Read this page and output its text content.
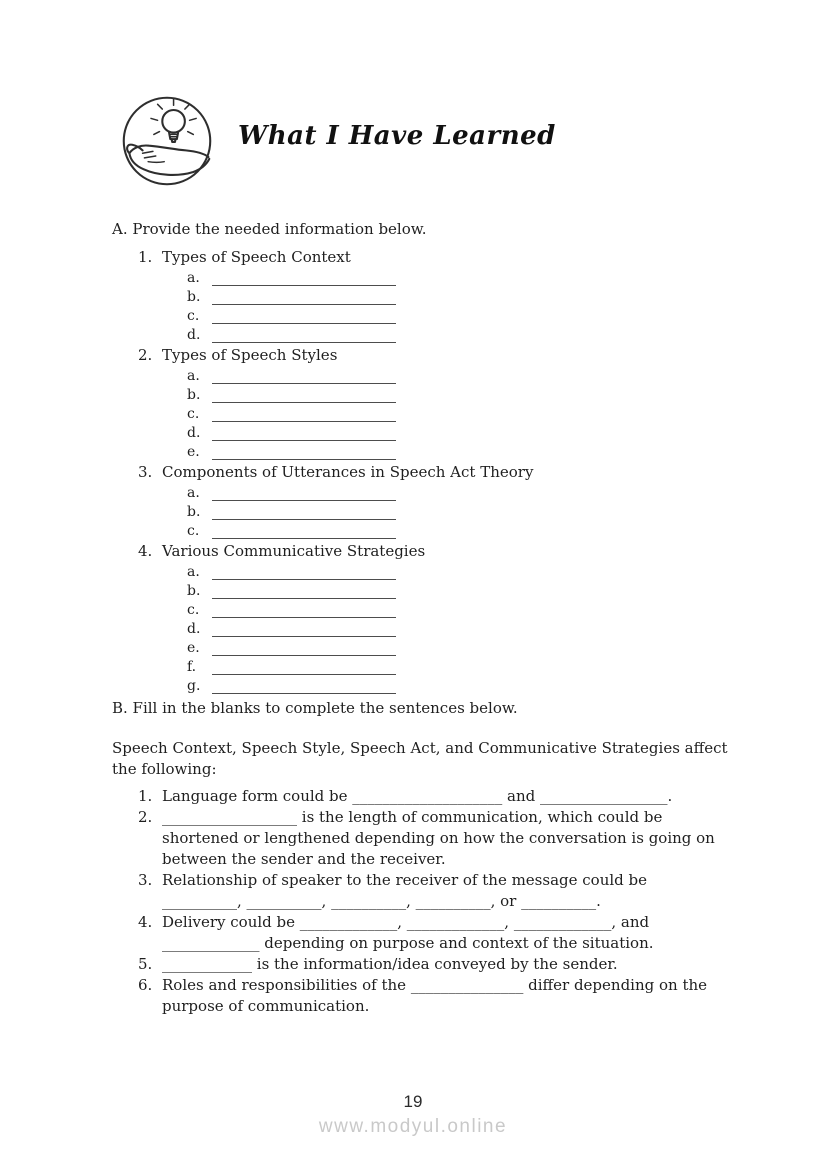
What I Have Learned

A. Provide the needed information below.

1. Types of Speech Context
a.
b.
c.
d.
2. Types of Speech Styles
a.
b.
c.
d.
e.
3. Components of Utterances in Speech Act Theory
a.
b.
c.
4. Various Communicative Strategies
a.
b.
c.
d.
e.
f.
g.

B. Fill in the blanks to complete the sentences below.

Speech Context, Speech Style, Speech Act, and Communicative Strategies affect
the following:
1. Language form could be ____________________ and _________________.
2. __________________ is the length of communication, which could be
shortened or lengthened depending on how the conversation is going on
between the sender and the receiver.
3. Relationship of speaker to the receiver of the message could be
__________, __________, __________, __________, or __________.
4. Delivery could be _____________, _____________, _____________, and
_____________ depending on purpose and context of the situation.
5. ____________ is the information/idea conveyed by the sender.
6. Roles and responsibilities of the _______________ differ depending on the
purpose of communication.
19
www.modyul.online
